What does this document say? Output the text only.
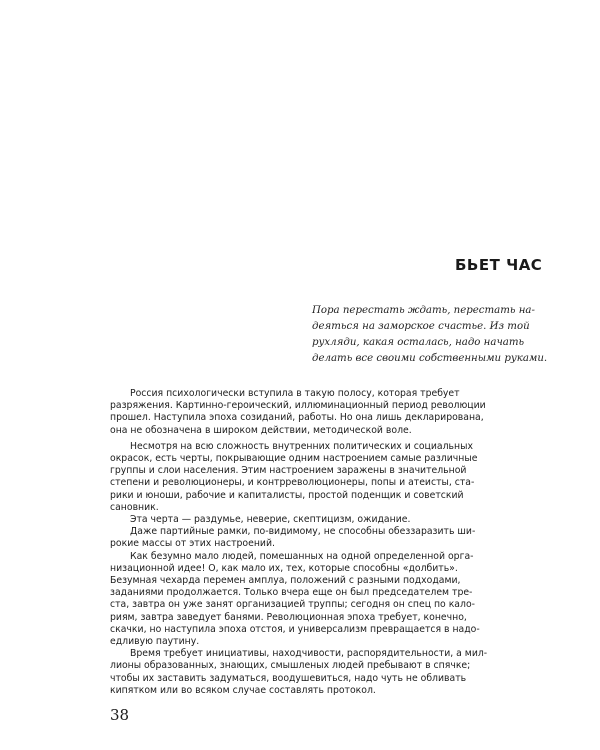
БЬЕТ ЧАС
Пора перестать ждать, перестать на-
деяться на заморское счастье. Из той
рухляди, какая осталась, надо начать
делать все своими собственными руками.
Россия психологически вступила в такую полосу, которая требует
разряжения. Картинно-героический, иллюминационный период революции
прошел. Наступила эпоха созиданий, работы. Но она лишь декларирована,
она не обозначена в широком действии, методической воле.
Несмотря на всю сложность внутренних политических и социальных
окрасок, есть черты, покрывающие одним настроением самые различные
группы и слои населения. Этим настроением заражены в значительной
степени и революционеры, и контрреволюционеры, попы и атеисты, ста-
рики и юноши, рабочие и капиталисты, простой поденщик и советский
сановник.
Эта черта — раздумье, неверие, скептицизм, ожидание.
Даже партийные рамки, по-видимому, не способны обеззаразить ши-
рокие массы от этих настроений.
Как безумно мало людей, помешанных на одной определенной орга-
низационной идее! О, как мало их, тех, которые способны «долбить».
Безумная чехарда перемен амплуа, положений с разными подходами,
заданиями продолжается. Только вчера еще он был председателем тре-
ста, завтра он уже занят организацией труппы; сегодня он спец по кало-
риям, завтра заведует банями. Революционная эпоха требует, конечно,
скачки, но наступила эпоха отстоя, и универсализм превращается в надо-
едливую паутину.
Время требует инициативы, находчивости, распорядительности, а мил-
лионы образованных, знающих, смышленых людей пребывают в спячке;
чтобы их заставить задуматься, воодушевиться, надо чуть не обливать
кипятком или во всяком случае составлять протокол.
38
